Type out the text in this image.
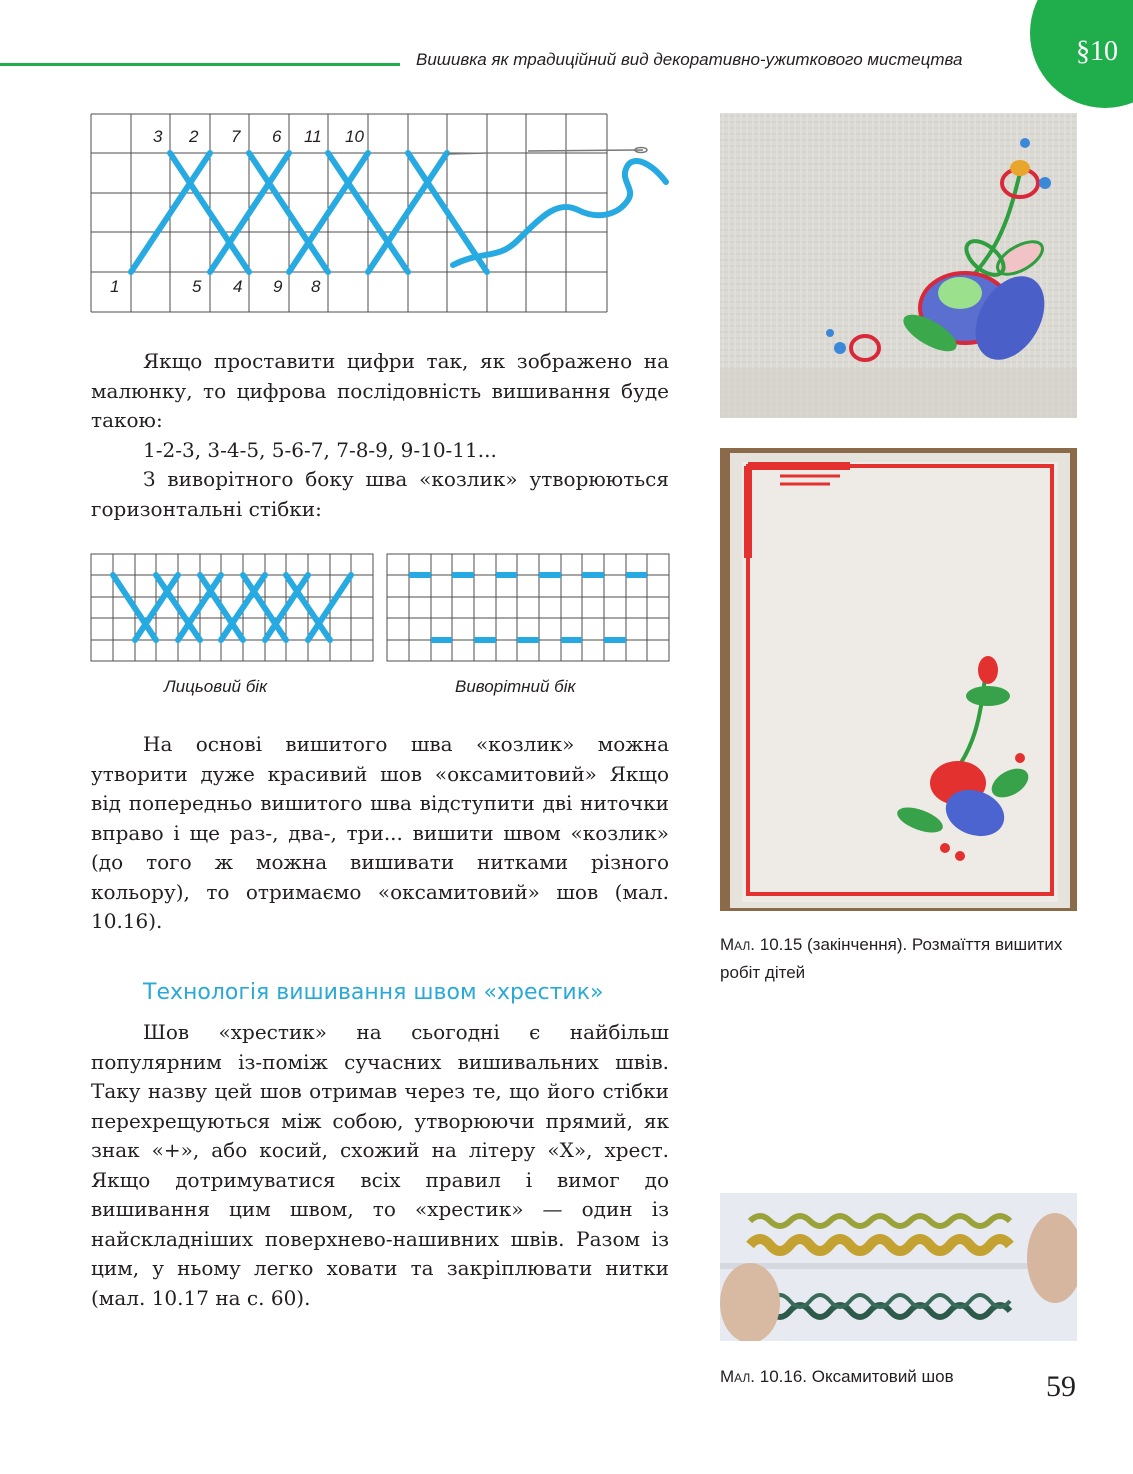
Вишивка як традиційний вид декоративно-ужиткового мистецтва	§10
3 2 7 6 11 10
1	5 4 9 8

Якщо проставити цифри так, як зображено на малюнку, то цифрова послідовність вишивання буде такою:

1-2-3, 3-4-5, 5-6-7, 7-8-9, 9-10-11...

З виворітного боку шва «козлик» утворюються горизонтальні стібки:

Лицьовий бік	Виворітний бік

На основі вишитого шва «козлик» можна утворити дуже красивий шов «оксамитовий» Якщо від попередньо вишитого шва відступити дві ниточки вправо і ще раз-, два-, три... вишити швом «козлик» (до того ж можна вишивати нитками різного кольору), то отримаємо «оксамитовий» шов (мал. 10.16).

Технологія вишивання швом «хрестик»

Шов «хрестик» на сьогодні є найбільш популярним із-поміж сучасних вишивальних швів. Таку назву цей шов отримав через те, що його стібки перехрещуються між собою, утворюючи прямий, як знак «+», або косий, схожий на літеру «Х», хрест. Якщо дотримуватися всіх правил і вимог до вишивання цим швом, то «хрестик» — один із найскладніших поверхнево-нашивних швів. Разом із цим, у ньому легко ховати та закріплювати нитки (мал. 10.17 на с. 60).

Мал. 10.15 (закінчення). Розмаїття вишитих робіт дітей
Мал. 10.16. Оксамитовий шов	59
